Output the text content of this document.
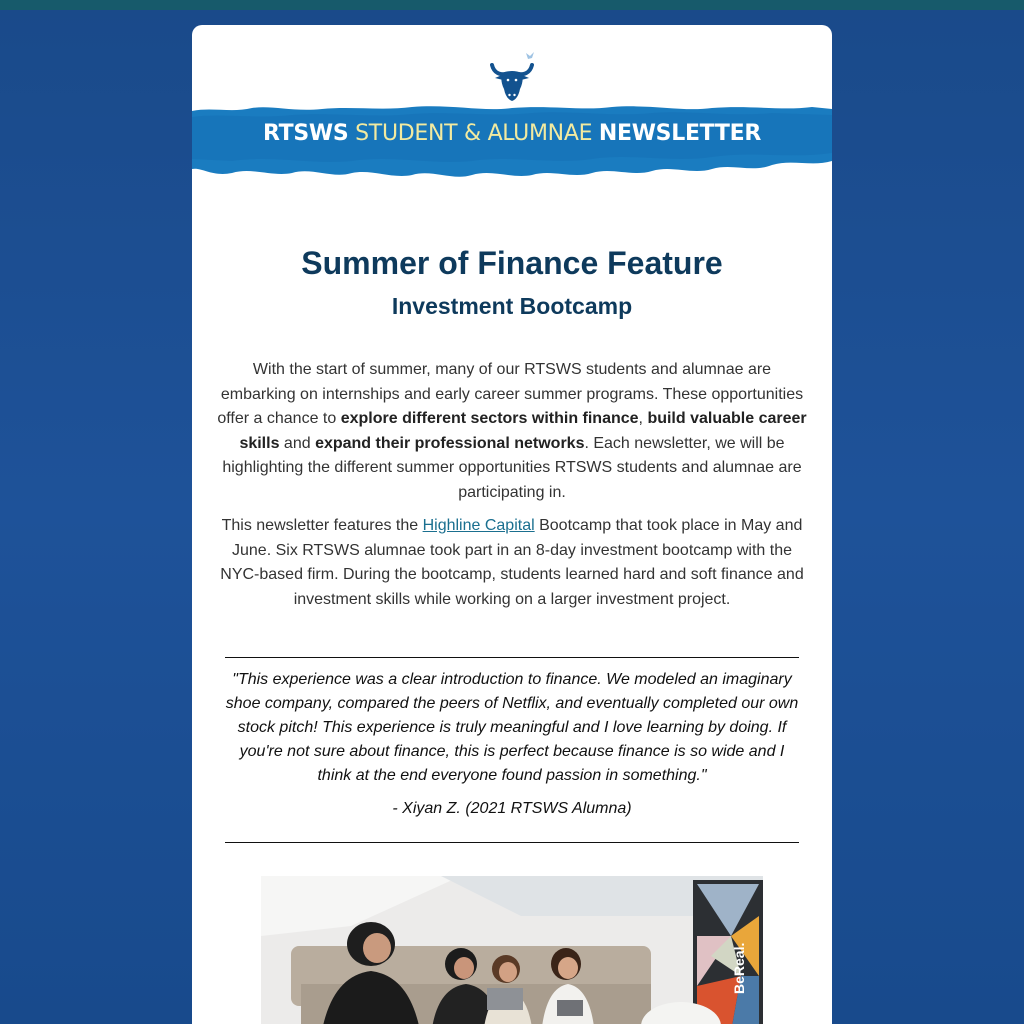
RTSWS STUDENT & ALUMNAE NEWSLETTER
Summer of Finance Feature
Investment Bootcamp
With the start of summer, many of our RTSWS students and alumnae are embarking on internships and early career summer programs. These opportunities offer a chance to explore different sectors within finance, build valuable career skills and expand their professional networks. Each newsletter, we will be highlighting the different summer opportunities RTSWS students and alumnae are participating in.
This newsletter features the Highline Capital Bootcamp that took place in May and June. Six RTSWS alumnae took part in an 8-day investment bootcamp with the NYC-based firm. During the bootcamp, students learned hard and soft finance and investment skills while working on a larger investment project.
"This experience was a clear introduction to finance. We modeled an imaginary shoe company, compared the peers of Netflix, and eventually completed our own stock pitch! This experience is truly meaningful and I love learning by doing. If you're not sure about finance, this is perfect because finance is so wide and I think at the end everyone found passion in something."
- Xiyan Z. (2021 RTSWS Alumna)
BeReal.
